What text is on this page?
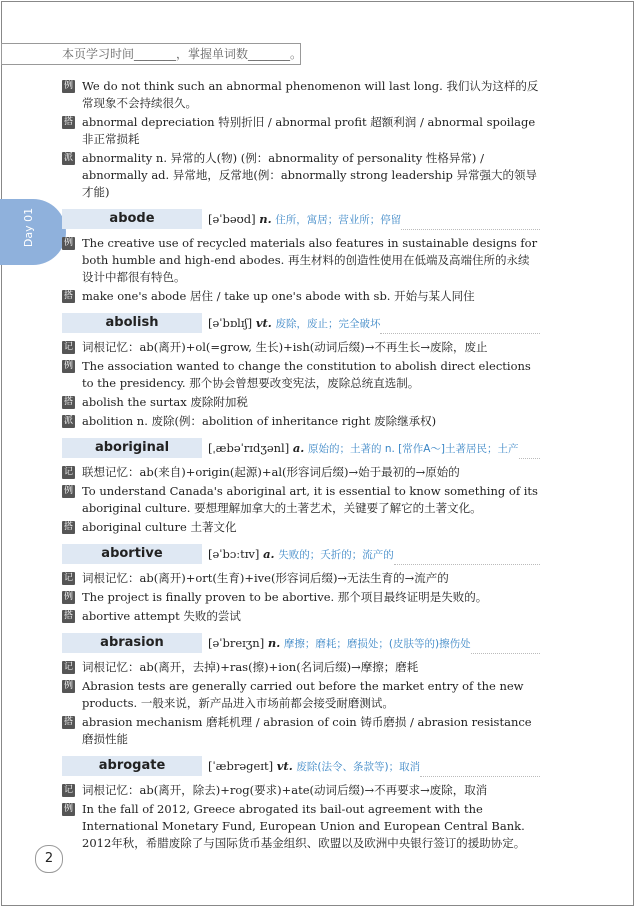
本页学习时间_______，掌握单词数_______。
Day 01
例 We do not think such an abnormal phenomenon will last long. 我们认为这样的反常现象不会持续很久。
搭 abnormal depreciation 特别折旧 / abnormal profit 超额利润 / abnormal spoilage 非正常损耗
派 abnormality n. 异常的人(物) (例：abnormality of personality 性格异常) / abnormally ad. 异常地，反常地(例：abnormally strong leadership 异常强大的领导才能)
abode	[əˈbəʊd] n. 住所，寓居；营业所；停留
例 The creative use of recycled materials also features in sustainable designs for both humble and high-end abodes. 再生材料的创造性使用在低端及高端住所的永续设计中都很有特色。
搭 make one's abode 居住 / take up one's abode with sb. 开始与某人同住
abolish	[əˈbɒlɪʃ] vt. 废除，废止；完全破坏
记 词根记忆：ab(离开)+ol(=grow, 生长)+ish(动词后缀)→不再生长→废除，废止
例 The association wanted to change the constitution to abolish direct elections to the presidency. 那个协会曾想要改变宪法，废除总统直选制。
搭 abolish the surtax 废除附加税
派 abolition n. 废除(例：abolition of inheritance right 废除继承权)
aboriginal	[ˌæbəˈrɪdʒənl] a. 原始的；土著的 n. [常作A～]土著居民；土产
记 联想记忆：ab(来自)+origin(起源)+al(形容词后缀)→始于最初的→原始的
例 To understand Canada's aboriginal art, it is essential to know something of its aboriginal culture. 要想理解加拿大的土著艺术，关键要了解它的土著文化。
搭 aboriginal culture 土著文化
abortive	[əˈbɔːtɪv] a. 失败的；夭折的；流产的
记 词根记忆：ab(离开)+ort(生育)+ive(形容词后缀)→无法生育的→流产的
例 The project is finally proven to be abortive. 那个项目最终证明是失败的。
搭 abortive attempt 失败的尝试
abrasion	[əˈbreɪʒn] n. 摩擦；磨耗；磨损处；(皮肤等的)擦伤处
记 词根记忆：ab(离开，去掉)+ras(擦)+ion(名词后缀)→摩擦；磨耗
例 Abrasion tests are generally carried out before the market entry of the new products. 一般来说，新产品进入市场前都会接受耐磨测试。
搭 abrasion mechanism 磨耗机理 / abrasion of coin 铸币磨损 / abrasion resistance 磨损性能
abrogate	[ˈæbrəgeɪt] vt. 废除(法令、条款等)；取消
记 词根记忆：ab(离开，除去)+rog(要求)+ate(动词后缀)→不再要求→废除，取消
例 In the fall of 2012, Greece abrogated its bail-out agreement with the International Monetary Fund, European Union and European Central Bank. 2012年秋，希腊废除了与国际货币基金组织、欧盟以及欧洲中央银行签订的援助协定。
2
